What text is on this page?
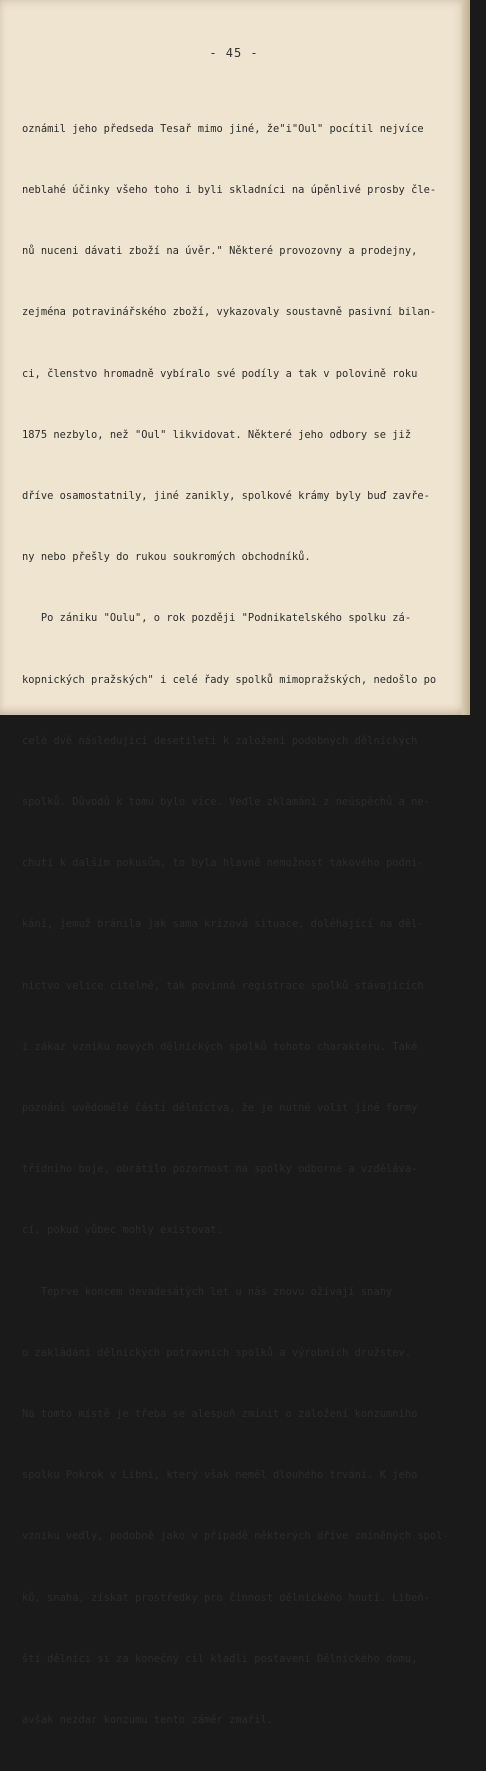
- 45 -

oznámil jeho předseda Tesař mimo jiné, že"i"Oul" pocítil nejvíce

neblahé účinky všeho toho i byli skladníci na úpěnlivé prosby čle-

nů nuceni dávati zboží na úvěr." Některé provozovny a prodejny,

zejména potravinářského zboží, vykazovaly soustavně pasivní bilan-

ci, členstvo hromadně vybíralo své podíly a tak v polovině roku

1875 nezbylo, než "Oul" likvidovat. Některé jeho odbory se již

dříve osamostatnily, jiné zanikly, spolkové krámy byly buď zavře-

ny nebo přešly do rukou soukromých obchodníků.

Po zániku "Oulu", o rok později "Podnikatelského spolku zá-

kopnických pražských" i celé řady spolků mimopražských, nedošlo po

celé dvě následující desetiletí k založení podobných dělnických

spolků. Důvodů k tomu bylo více. Vedle zklamání z neúspěchů a ne-

chuti k dalším pokusům, to byla hlavně nemožnost takového podni-

kání, jemuž bránila jak sama krizová situace, doléhající na děl-

nictvo velice citelně, tak povinná registrace spolků stávajících

i zákaz vzniku nových dělnických spolků tohoto charakteru. Také

poznání uvědomělé části dělnictva, že je nutné volit jiné formy

třídního boje, obrátilo pozornost na spolky odborné a vzděláva-

cí, pokud vůbec mohly existovat.

Teprve koncem devadesátých let u nás znovu ožívají snahy

o zakládání dělnických potravních spolků a výrobních družstev.

Na tomto místě je třeba se alespoň zmínit o založení konzumního

spolku Pokrok v Libni, který však neměl dlouhého trvání. K jeho

vzniku vedly, podobně jako v případě některých dříve zmíněných spol-

ků, snaha, získat prostředky pro činnost dělnického hnutí. Libeň-

ští dělníci si za konečný cíl kladli postavení Dělnického domu,

avšak nezdar konzumu tento záměr zmařil.
